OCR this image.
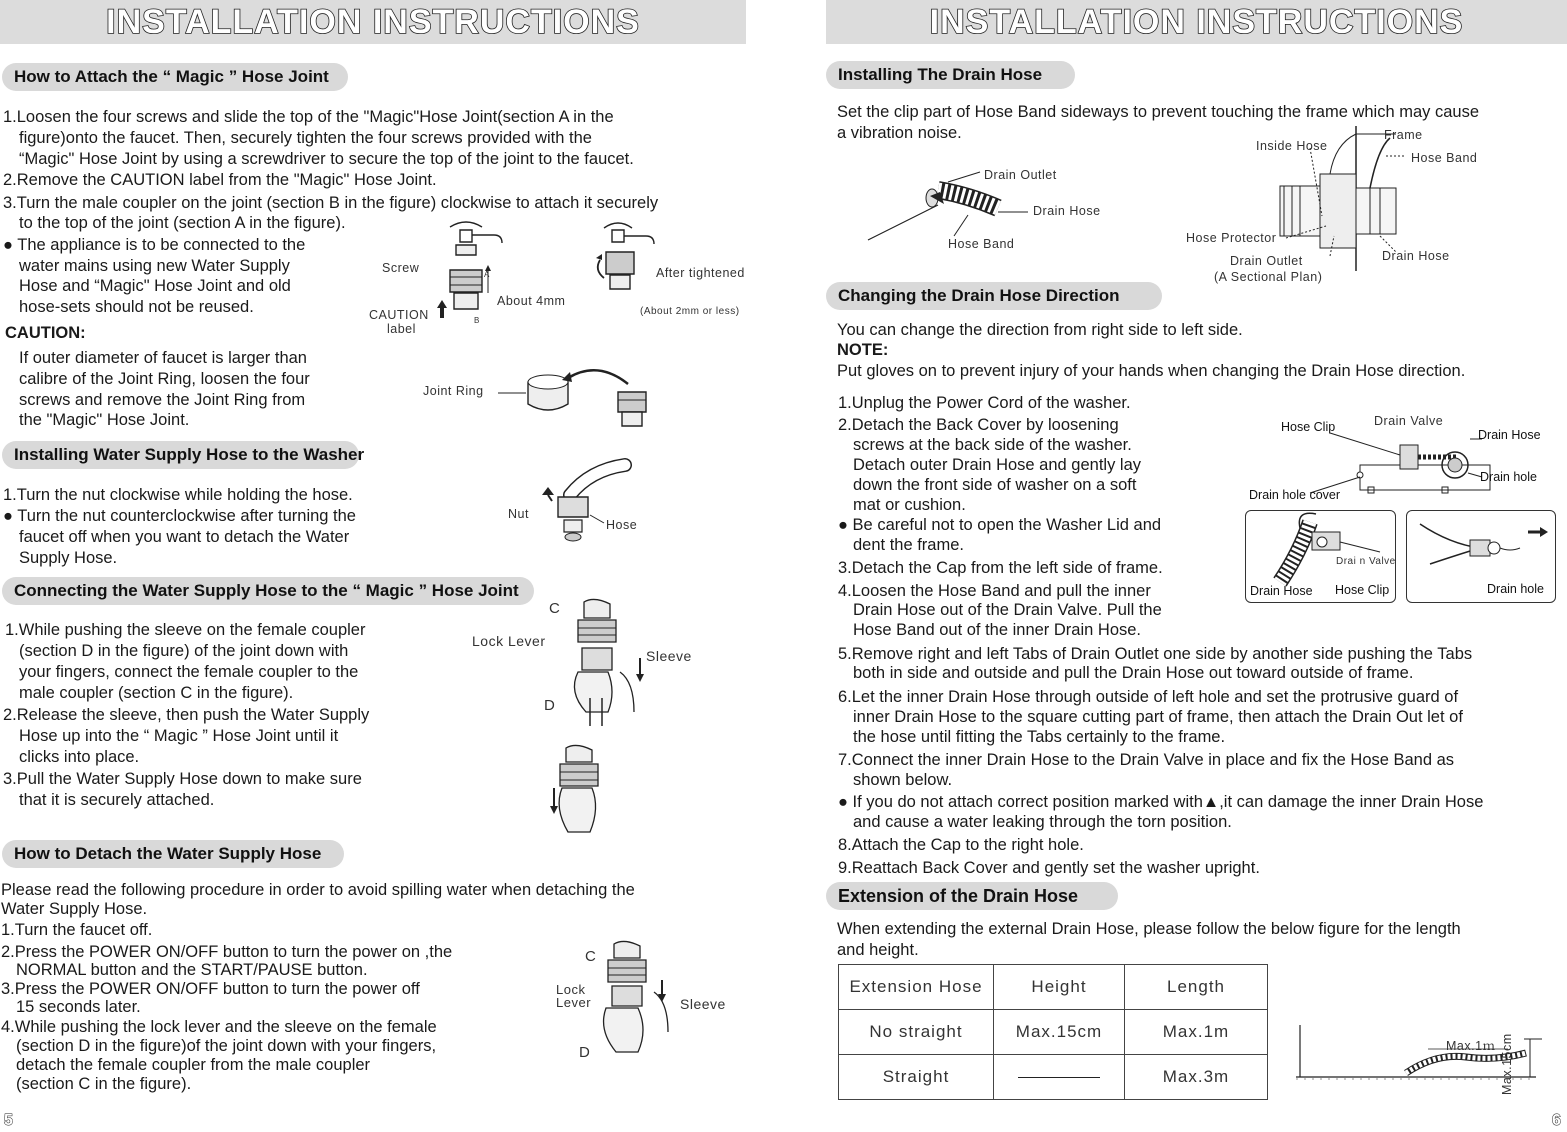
INSTALLATION INSTRUCTIONS
How to Attach the “ Magic ” Hose Joint
1.Loosen the four screws and slide the top of the "Magic"Hose Joint(section A in the
figure)onto the faucet. Then, securely tighten the four screws provided with the
“Magic" Hose Joint by using a screwdriver to secure the top of the joint to the faucet.
2.Remove the CAUTION label from the "Magic" Hose Joint.
3.Turn the male coupler on the joint (section B in the figure) clockwise to attach it securely
to the top of the joint (section A in the figure).
● The appliance is to be connected to the
water mains using new Water Supply
Hose and “Magic" Hose Joint and old
hose-sets should not be reused.
CAUTION:
If outer diameter of faucet is larger than
calibre of the Joint Ring, loosen the four
screws and remove the Joint Ring from
the "Magic" Hose Joint.
Screw	A
B
About 4mm
CAUTION
label
After tightened
(About 2mm or less)
Joint Ring
Installing Water Supply Hose to the Washer
1.Turn the nut clockwise while holding the hose.
● Turn the nut counterclockwise after turning the
faucet off when you want to detach the Water
Supply Hose.
Nut
Hose
Connecting the Water Supply Hose to the “ Magic ” Hose Joint
1.While pushing the sleeve on the female coupler
(section D in the figure) of the joint down with
your fingers, connect the female coupler to the
male coupler (section C in the figure).
2.Release the sleeve, then push the Water Supply
Hose up into the “ Magic ” Hose Joint until it
clicks into place.
3.Pull the Water Supply Hose down to make sure
that it is securely attached.
C
Lock Lever
Sleeve
D
How to Detach the Water Supply Hose
Please read the following procedure in order to avoid spilling water when detaching the
Water Supply Hose.
1.Turn the faucet off.
2.Press the POWER ON/OFF button to turn the power on ,the
NORMAL button and the START/PAUSE button.
3.Press the POWER ON/OFF button to turn the power off
15 seconds later.
4.While pushing the lock lever and the sleeve on the female
(section D in the figure)of the joint down with your fingers,
detach the female coupler from the male coupler
(section C in the figure).
C
Lock
Lever	Sleeve
D
5
INSTALLATION INSTRUCTIONS
Installing The Drain Hose
Set the clip part of Hose Band sideways to prevent touching the frame which may cause
a vibration noise.
Drain Outlet
Drain Hose
Hose Band
Inside Hose
Frame
Hose Band
Hose Protector
Drain Outlet
(A Sectional Plan)
Drain Hose
Changing the Drain Hose Direction
You can change the direction from right side to left side.
NOTE:
Put gloves on to prevent injury of your hands when changing the Drain Hose direction.
1.Unplug the Power Cord of the washer.
2.Detach the Back Cover by loosening
screws at the back side of the washer.
Detach outer Drain Hose and gently lay
down the front side of washer on a soft
mat or cushion.
● Be careful not to open the Washer Lid and
dent the frame.
3.Detach the Cap from the left side of frame.
4.Loosen the Hose Band and pull the inner
Drain Hose out of the Drain Valve. Pull the
Hose Band out of the inner Drain Hose.
5.Remove right and left Tabs of Drain Outlet one side by another side pushing the Tabs
both in side and outside and pull the Drain Hose out toward outside of frame.
6.Let the inner Drain Hose through outside of left hole and set the protrusive guard of
inner Drain Hose to the square cutting part of frame, then attach the Drain Out let of
the hose until fitting the Tabs certainly to the frame.
7.Connect the inner Drain Hose to the Drain Valve in place and fix the Hose Band as
shown below.
● If you do not attach correct position marked with▲,it can damage the inner Drain Hose
and cause a water leaking through the torn position.
8.Attach the Cap to the right hole.
9.Reattach Back Cover and gently set the washer upright.
Hose Clip	Drain Valve
Drain Hose
Drain hole
Drain hole cover
Drain Hose
Drai n Valve
Hose Clip	Drain hole
Extension of the Drain Hose
When extending the external Drain Hose, please follow the below figure for the length
and height.
Extension Hose	Height	Length
No straight	Max.15cm	Max.1m
Straight		Max.3m
Max.1ｍ Max.15cm
6
